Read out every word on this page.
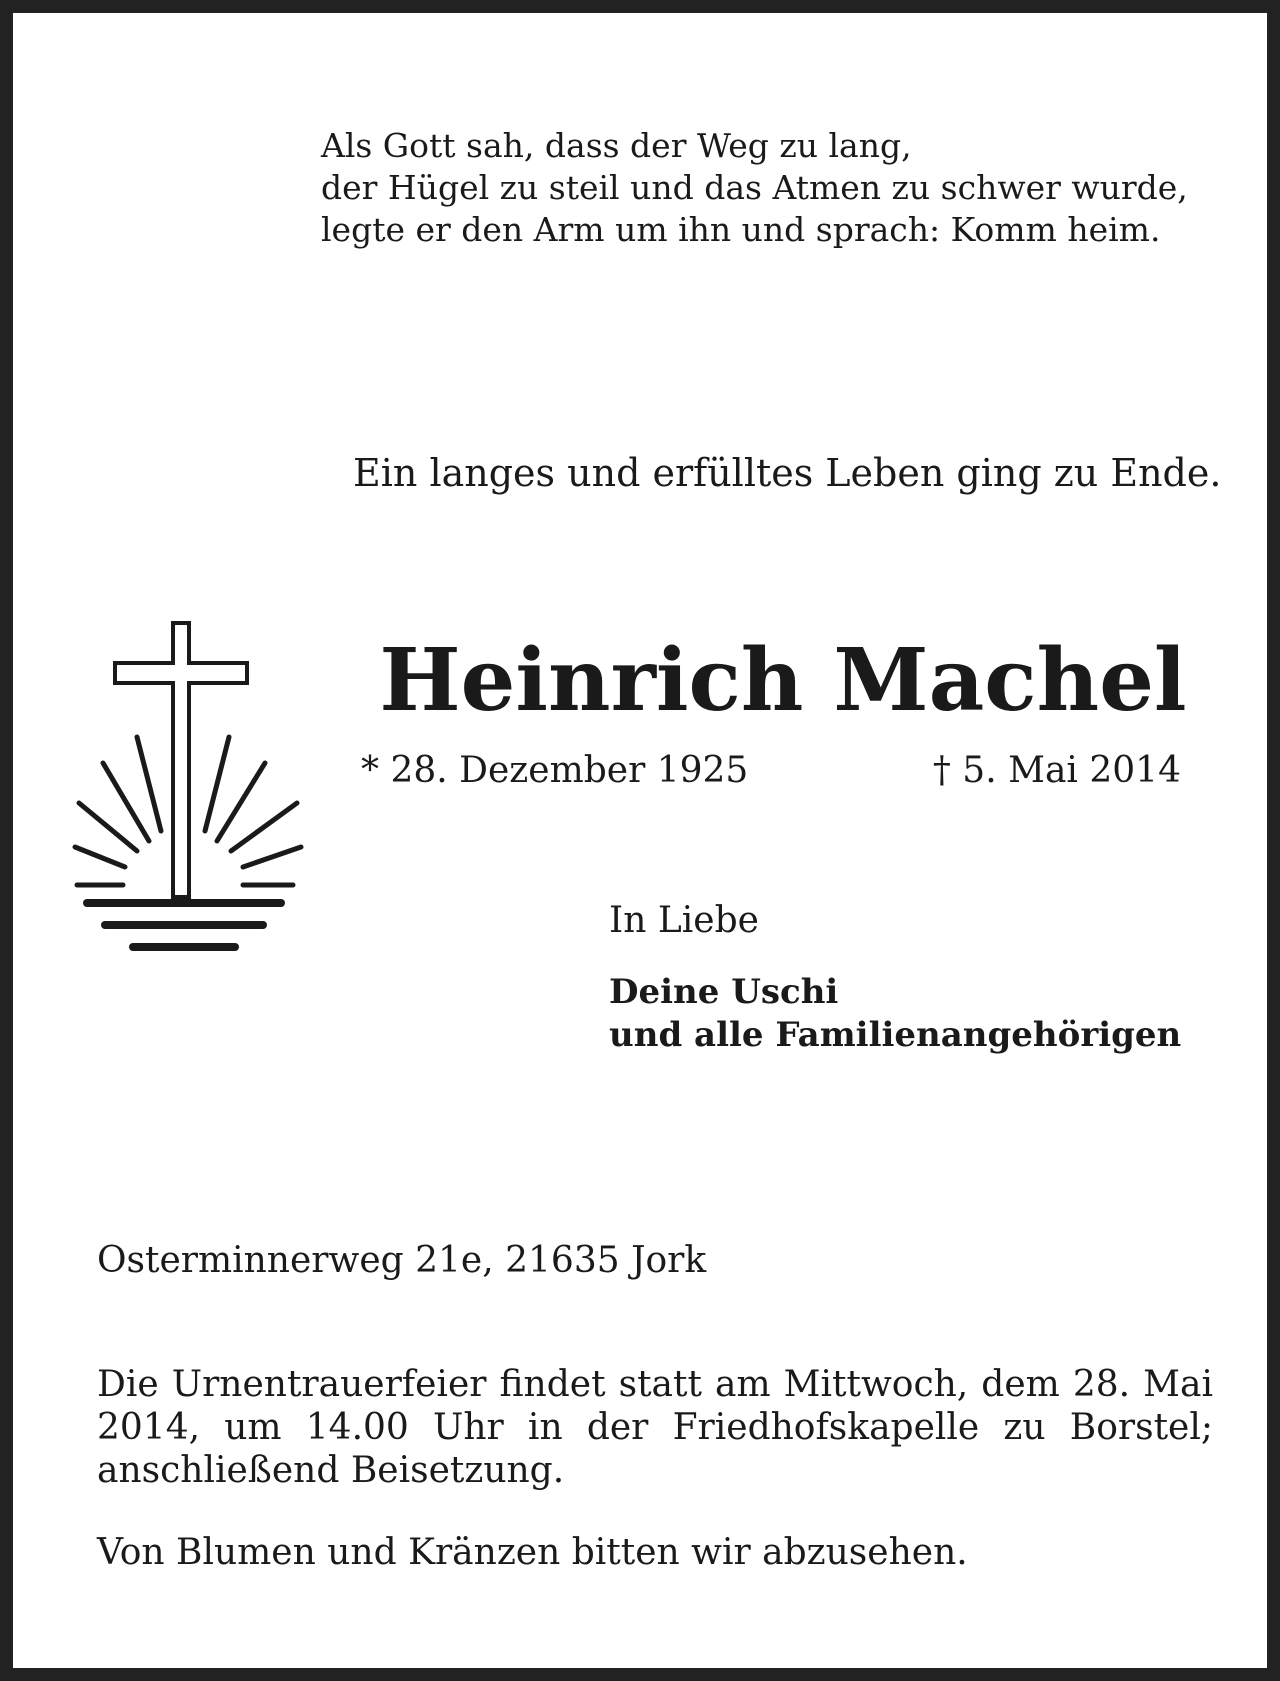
Als Gott sah, dass der Weg zu lang,
der Hügel zu steil und das Atmen zu schwer wurde,
legte er den Arm um ihn und sprach: Komm heim.

Ein langes und erfülltes Leben ging zu Ende.

Heinrich Machel

* 28. Dezember 1925	† 5. Mai 2014

In Liebe

Deine Uschi
und alle Familienangehörigen

Osterminnerweg 21e, 21635 Jork

Die Urnentrauerfeier findet statt am Mittwoch, dem 28. Mai 2014, um 14.00 Uhr in der Friedhofskapelle zu Borstel; anschließend Beisetzung.

Von Blumen und Kränzen bitten wir abzusehen.
